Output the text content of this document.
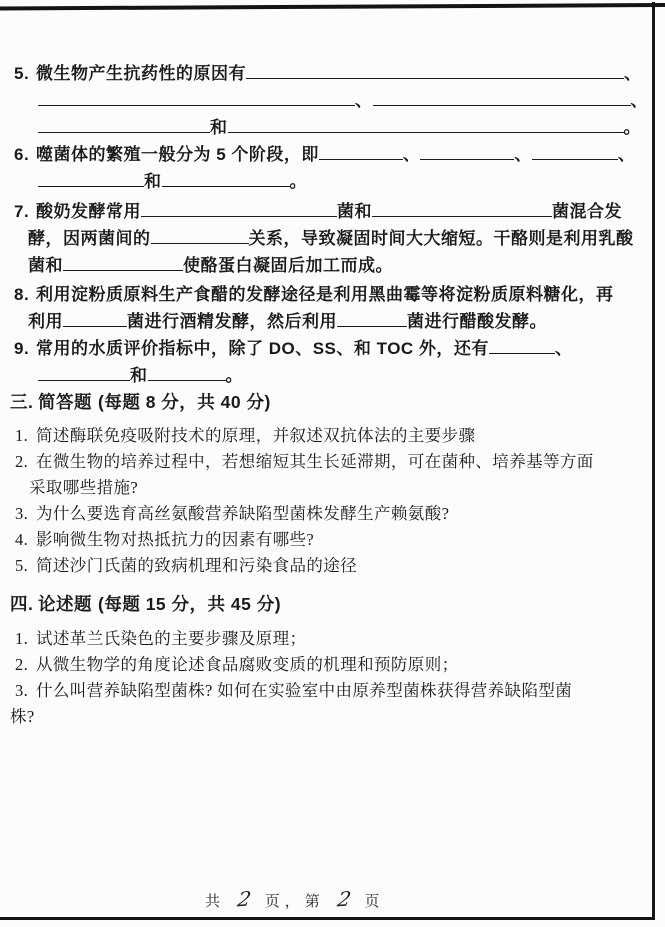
5. 微生物产生抗药性的原因有	、
、	、
和	。
6. 噬菌体的繁殖一般分为 5 个阶段，即	、	、	、
和	。
7. 酸奶发酵常用	菌和	菌混合发
酵，因两菌间的	关系，导致凝固时间大大缩短。干酪则是利用乳酸
菌和	使酪蛋白凝固后加工而成。
8. 利用淀粉质原料生产食醋的发酵途径是利用黑曲霉等将淀粉质原料糖化，再
利用	菌进行酒精发酵，然后利用	菌进行醋酸发酵。
9. 常用的水质评价指标中，除了 DO、SS、和 TOC 外，还有	、
和	。
三. 简答题 (每题 8 分，共 40 分)
1. 简述酶联免疫吸附技术的原理，并叙述双抗体法的主要步骤
2. 在微生物的培养过程中，若想缩短其生长延滞期，可在菌种、培养基等方面
采取哪些措施?
3. 为什么要选育高丝氨酸营养缺陷型菌株发酵生产赖氨酸?
4. 影响微生物对热抵抗力的因素有哪些?
5. 简述沙门氏菌的致病机理和污染食品的途径
四. 论述题 (每题 15 分，共 45 分)
1. 试述革兰氏染色的主要步骤及原理；
2. 从微生物学的角度论述食品腐败变质的机理和预防原则；
3. 什么叫营养缺陷型菌株? 如何在实验室中由原养型菌株获得营养缺陷型菌
株?
共 2 页，第 2 页
